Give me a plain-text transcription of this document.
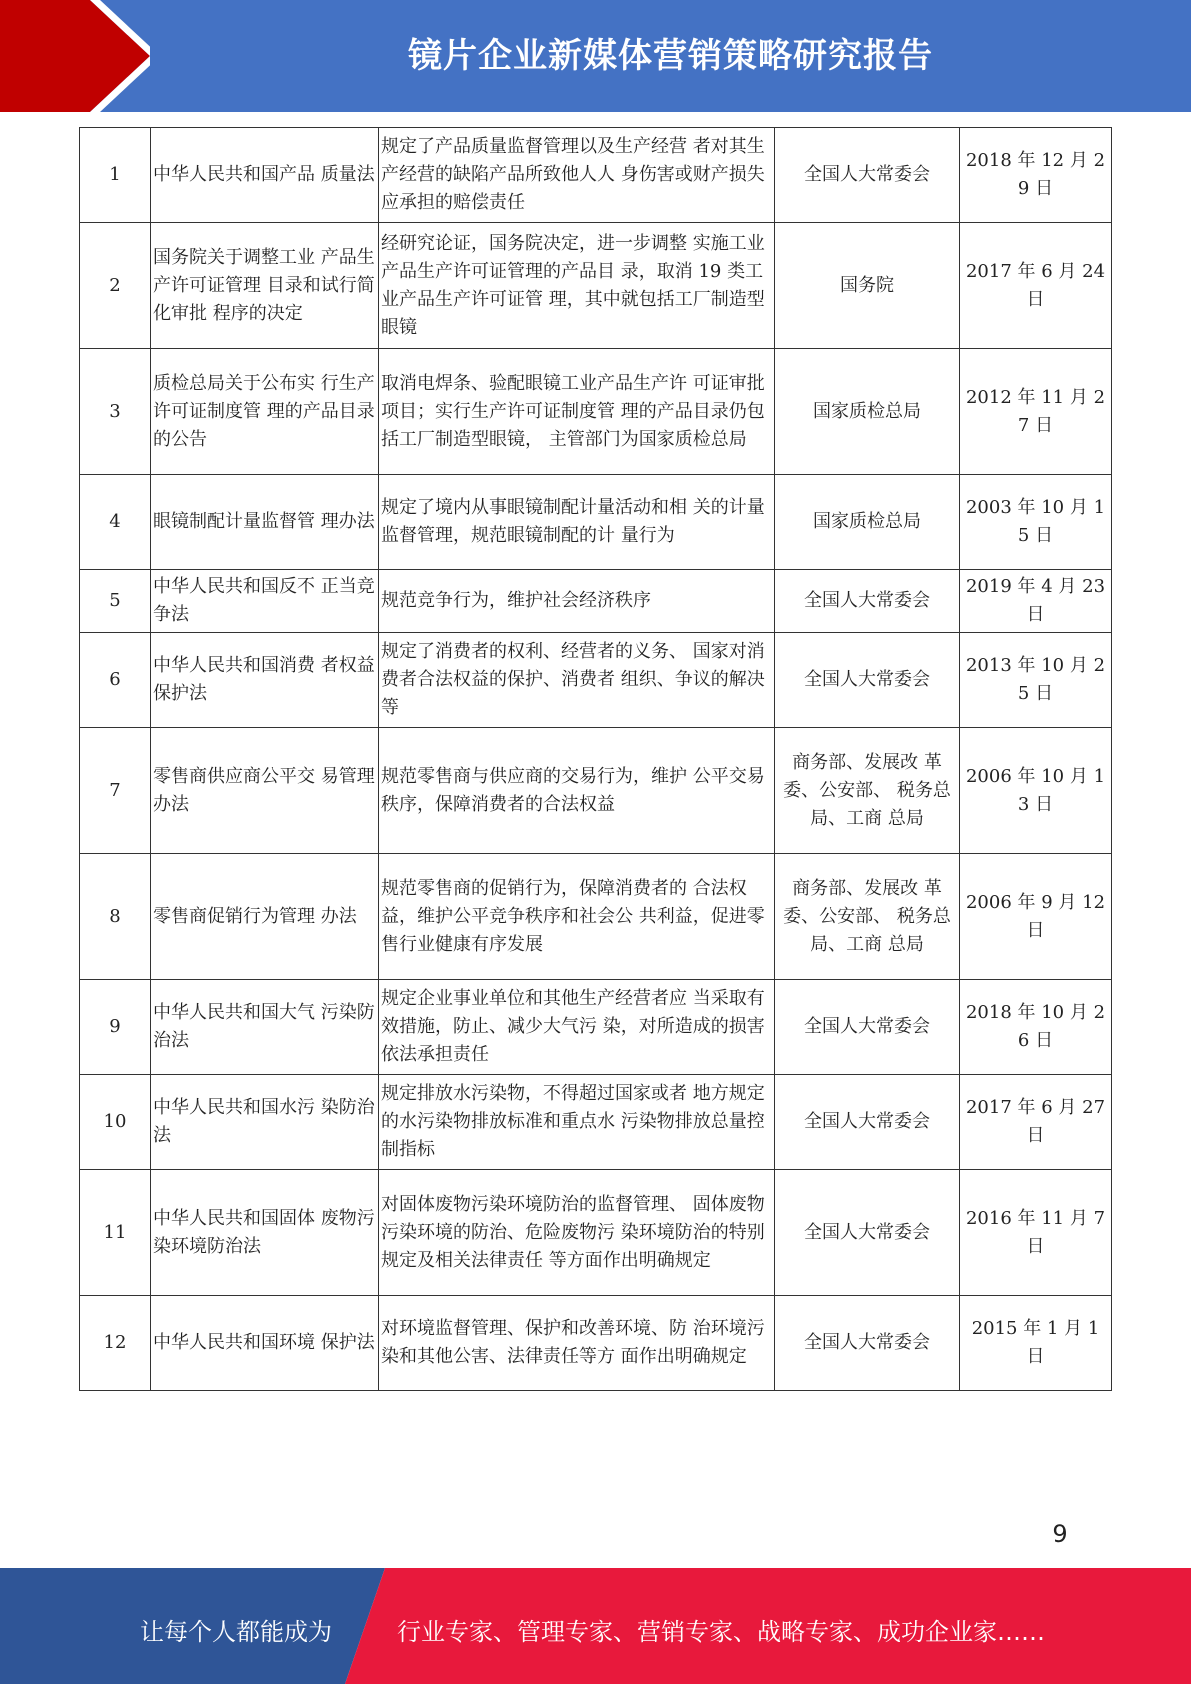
镜片企业新媒体营销策略研究报告
1	中华人民共和国产品 质量法	规定了产品质量监督管理以及生产经营 者对其生产经营的缺陷产品所致他人人 身伤害或财产损失应承担的赔偿责任	全国人大常委会	2018 年 12 月 29 日
2	国务院关于调整工业 产品生产许可证管理 目录和试行简化审批 程序的决定	经研究论证，国务院决定，进一步调整 实施工业产品生产许可证管理的产品目 录，取消 19 类工业产品生产许可证管 理，其中就包括工厂制造型眼镜	国务院	2017 年 6 月 24 日
3	质检总局关于公布实 行生产许可证制度管 理的产品目录的公告	取消电焊条、验配眼镜工业产品生产许 可证审批项目；实行生产许可证制度管 理的产品目录仍包括工厂制造型眼镜， 主管部门为国家质检总局	国家质检总局	2012 年 11 月 27 日
4	眼镜制配计量监督管 理办法	规定了境内从事眼镜制配计量活动和相 关的计量监督管理，规范眼镜制配的计 量行为	国家质检总局	2003 年 10 月 15 日
5	中华人民共和国反不 正当竞争法	规范竞争行为，维护社会经济秩序	全国人大常委会	2019 年 4 月 23 日
6	中华人民共和国消费 者权益保护法	规定了消费者的权利、经营者的义务、 国家对消费者合法权益的保护、消费者 组织、争议的解决等	全国人大常委会	2013 年 10 月 25 日
7	零售商供应商公平交 易管理办法	规范零售商与供应商的交易行为，维护 公平交易秩序，保障消费者的合法权益	商务部、发展改 革委、公安部、 税务总局、工商 总局	2006 年 10 月 13 日
8	零售商促销行为管理 办法	规范零售商的促销行为，保障消费者的 合法权益，维护公平竞争秩序和社会公 共利益，促进零售行业健康有序发展	商务部、发展改 革委、公安部、 税务总局、工商 总局	2006 年 9 月 12 日
9	中华人民共和国大气 污染防治法	规定企业事业单位和其他生产经营者应 当采取有效措施，防止、减少大气污 染，对所造成的损害依法承担责任	全国人大常委会	2018 年 10 月 26 日
10	中华人民共和国水污 染防治法	规定排放水污染物，不得超过国家或者 地方规定的水污染物排放标准和重点水 污染物排放总量控制指标	全国人大常委会	2017 年 6 月 27 日
11	中华人民共和国固体 废物污染环境防治法	对固体废物污染环境防治的监督管理、 固体废物污染环境的防治、危险废物污 染环境防治的特别规定及相关法律责任 等方面作出明确规定	全国人大常委会	2016 年 11 月 7 日
12	中华人民共和国环境 保护法	对环境监督管理、保护和改善环境、防 治环境污染和其他公害、法律责任等方 面作出明确规定	全国人大常委会	2015 年 1 月 1 日
9
让每个人都能成为	行业专家、管理专家、营销专家、战略专家、成功企业家……
